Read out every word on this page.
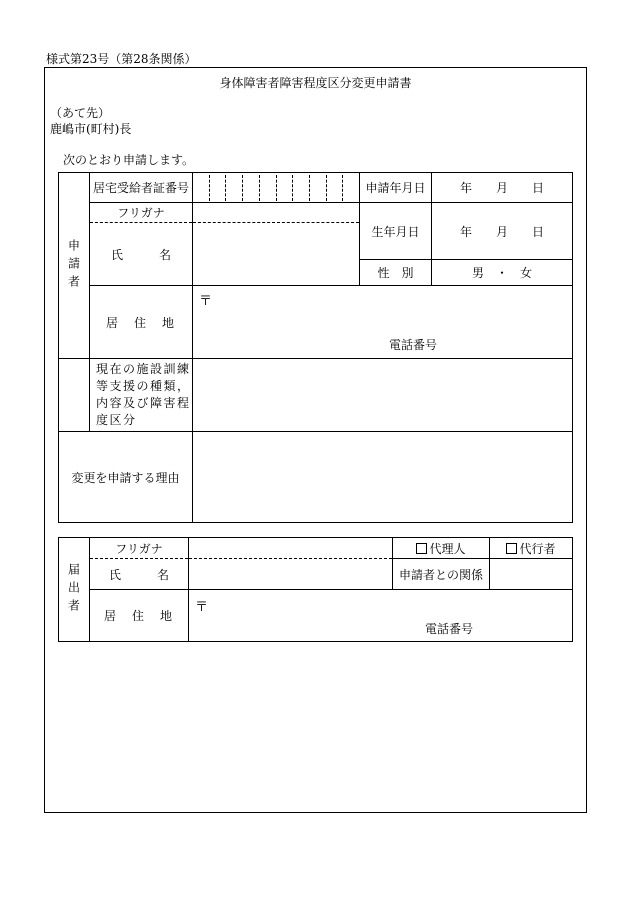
様式第23号（第28条関係）
身体障害者障害程度区分変更申請書
（あて先）
鹿嶋市(町村)長
次のとおり申請します。
申請者	居宅受給者証番号		申請年月日	年　　月　　日
	フリガナ		生年月日	年　　月　　日
	氏　　　名			
			性　別	男　・　女
	居　住　地	〒
電話番号		

	現在の施設訓練等支援の種類，内容及び障害程度区分			
変更を申請する理由				
届出者	フリガナ		代理人	代行者
	氏　　　名		申請者との関係	
	居　住　地	〒
電話番号		
